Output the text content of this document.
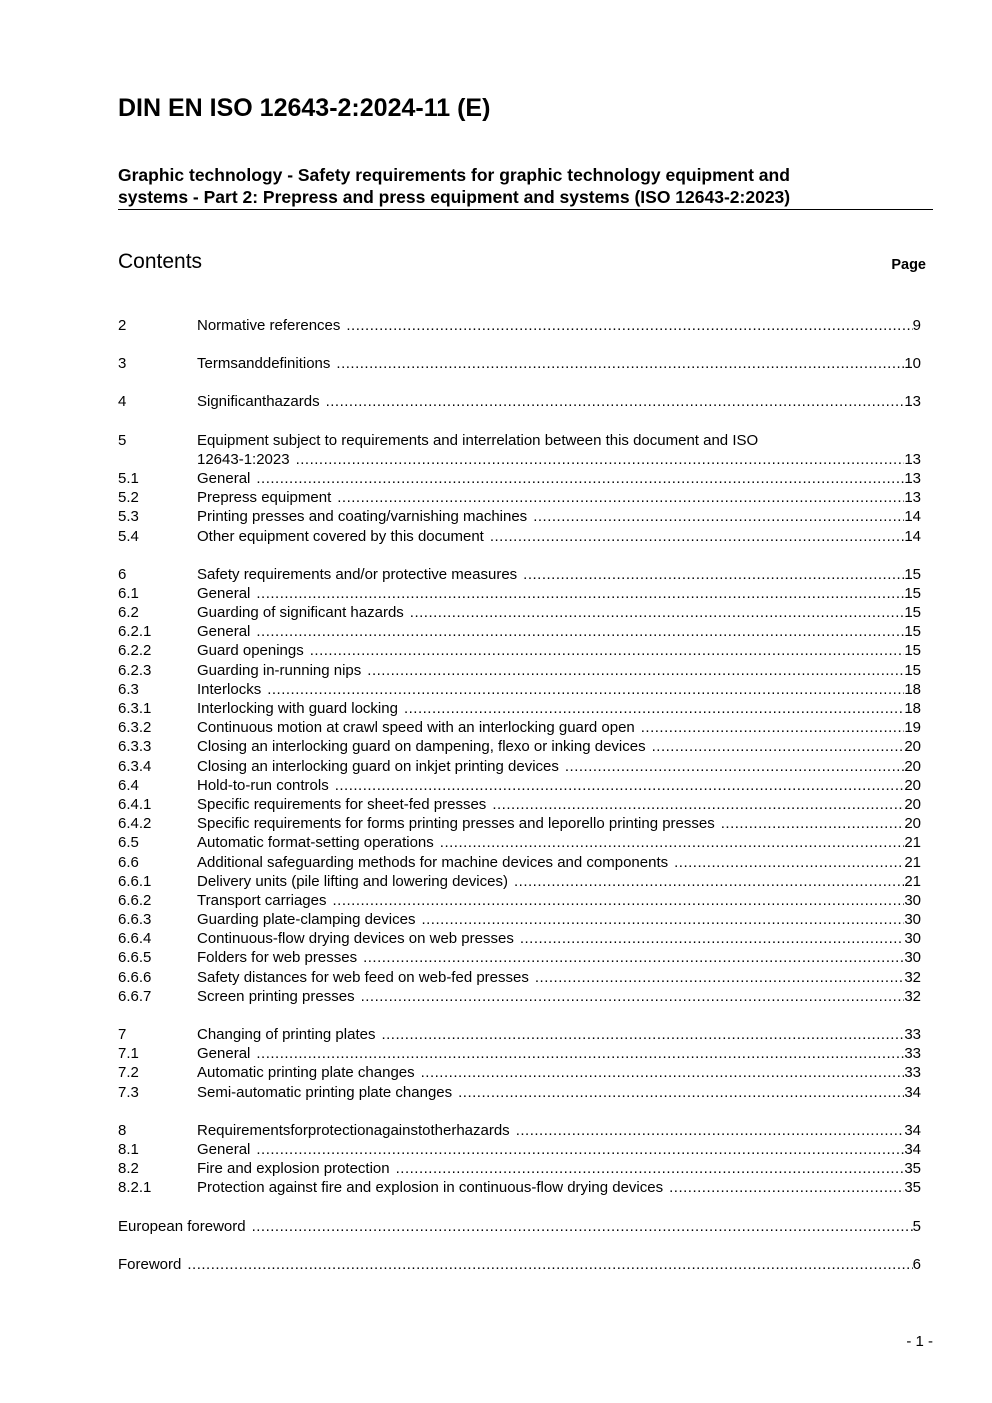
DIN EN ISO 12643-2:2024-11 (E)
Graphic technology - Safety requirements for graphic technology equipment and
systems - Part 2: Prepress and press equipment and systems (ISO 12643-2:2023)
Contents	Page
2	Normative references .....	9
3	Termsanddefinitions .....	10
4	Significanthazards .....	13
5	Equipment subject to requirements and interrelation between this document and ISO
12643-1:2023 .....	13
5.1	General .....	13
5.2	Prepress equipment .....	13
5.3	Printing presses and coating/varnishing machines .....	14
5.4	Other equipment covered by this document .....	14
6	Safety requirements and/or protective measures .....	15
6.1	General .....	15
6.2	Guarding of significant hazards .....	15
6.2.1	General .....	15
6.2.2	Guard openings .....	15
6.2.3	Guarding in-running nips .....	15
6.3	Interlocks .....	18
6.3.1	Interlocking with guard locking .....	18
6.3.2	Continuous motion at crawl speed with an interlocking guard open .....	19
6.3.3	Closing an interlocking guard on dampening, flexo or inking devices .....	20
6.3.4	Closing an interlocking guard on inkjet printing devices .....	20
6.4	Hold-to-run controls .....	20
6.4.1	Specific requirements for sheet-fed presses .....	20
6.4.2	Specific requirements for forms printing presses and leporello printing presses .....	20
6.5	Automatic format-setting operations .....	21
6.6	Additional safeguarding methods for machine devices and components .....	21
6.6.1	Delivery units (pile lifting and lowering devices) .....	21
6.6.2	Transport carriages .....	30
6.6.3	Guarding plate-clamping devices .....	30
6.6.4	Continuous-flow drying devices on web presses .....	30
6.6.5	Folders for web presses .....	30
6.6.6	Safety distances for web feed on web-fed presses .....	32
6.6.7	Screen printing presses .....	32
7	Changing of printing plates .....	33
7.1	General .....	33
7.2	Automatic printing plate changes .....	33
7.3	Semi-automatic printing plate changes .....	34
8	Requirementsforprotectionagainstotherhazards .....	34
8.1	General .....	34
8.2	Fire and explosion protection .....	35
8.2.1	Protection against fire and explosion in continuous-flow drying devices .....	35
European foreword .....	5
Foreword .....	6
- 1 -
